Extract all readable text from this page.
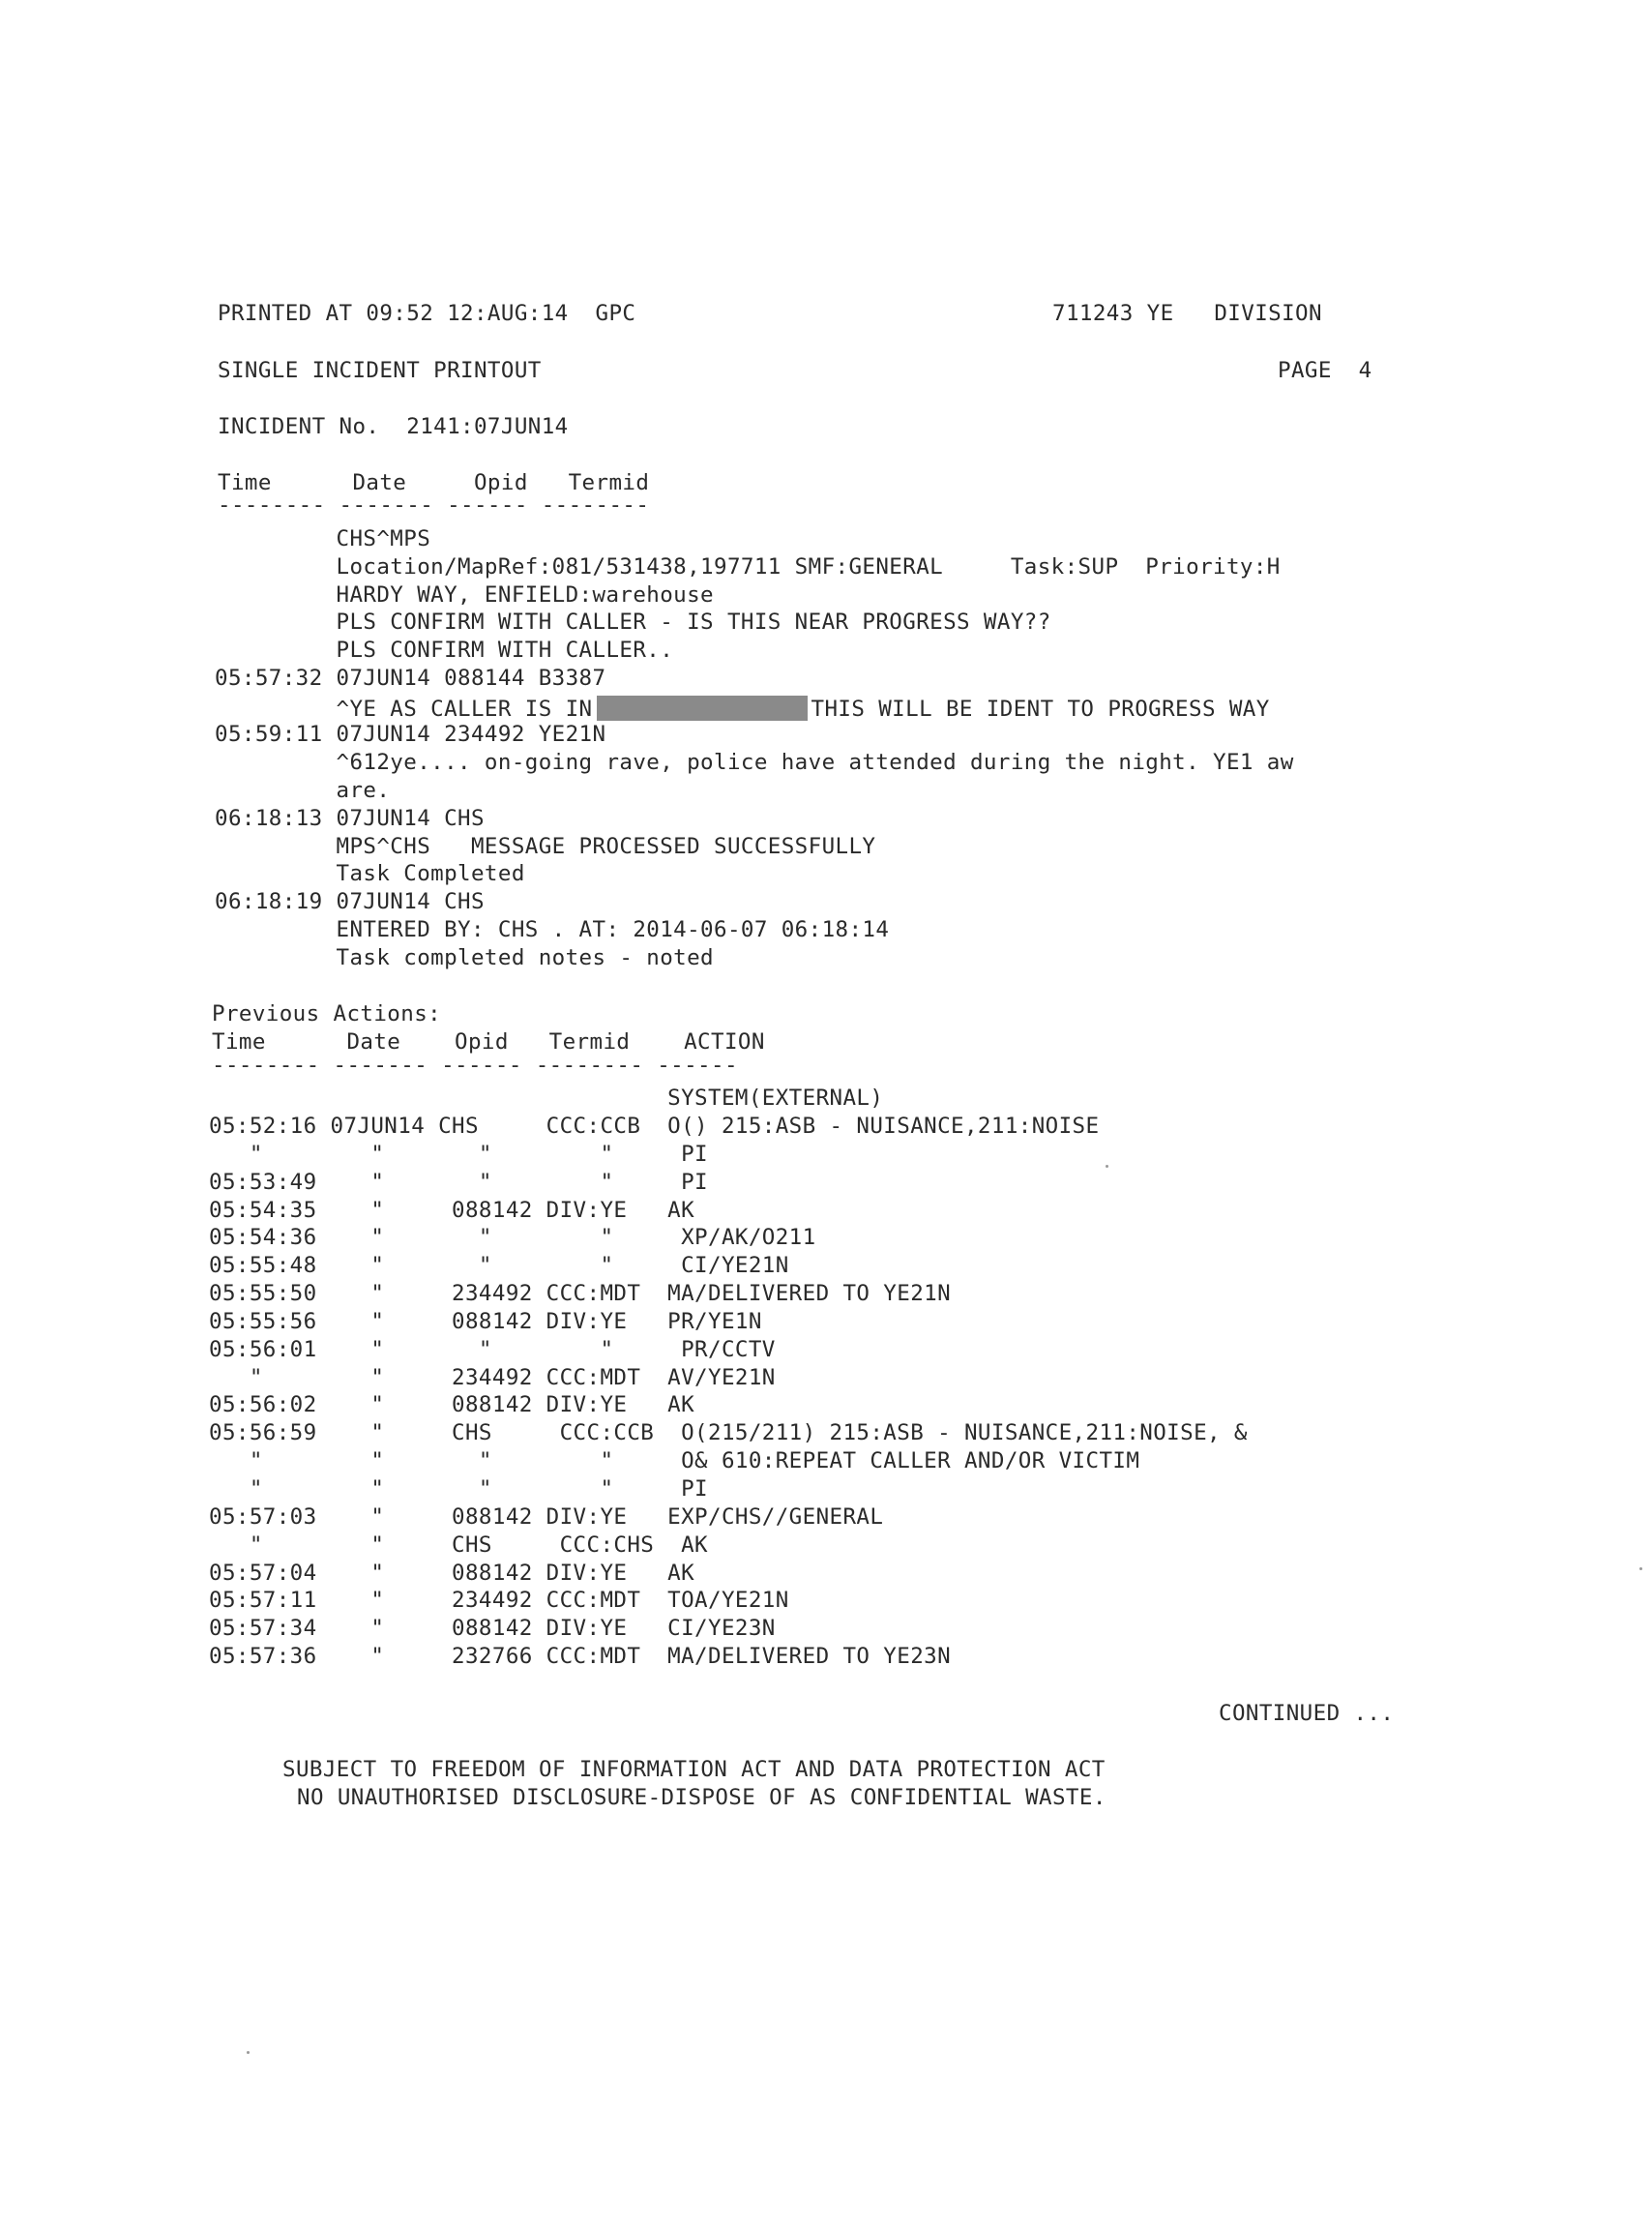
PRINTED AT 09:52 12:AUG:14  GPC	711243 YE   DIVISION
SINGLE INCIDENT PRINTOUT	PAGE  4
INCIDENT No.  2141:07JUN14
Time      Date     Opid   Termid
-------- ------- ------ --------
CHS^MPS
Location/MapRef:081/531438,197711 SMF:GENERAL     Task:SUP  Priority:H
HARDY WAY, ENFIELD:warehouse
PLS CONFIRM WITH CALLER - IS THIS NEAR PROGRESS WAY??
PLS CONFIRM WITH CALLER..
05:57:32 07JUN14 088144 B3387
^YE AS CALLER IS IN	THIS WILL BE IDENT TO PROGRESS WAY
05:59:11 07JUN14 234492 YE21N
^612ye.... on-going rave, police have attended during the night. YE1 aw
are.
06:18:13 07JUN14 CHS
MPS^CHS   MESSAGE PROCESSED SUCCESSFULLY
Task Completed
06:18:19 07JUN14 CHS
ENTERED BY: CHS . AT: 2014-06-07 06:18:14
Task completed notes - noted
Previous Actions:
Time      Date    Opid   Termid    ACTION
-------- ------- ------ -------- ------
SYSTEM(EXTERNAL)
05:52:16 07JUN14 CHS     CCC:CCB  O() 215:ASB - NUISANCE,211:NOISE
"        "       "        "     PI
05:53:49    "       "        "     PI
05:54:35    "     088142 DIV:YE   AK
05:54:36    "       "        "     XP/AK/O211
05:55:48    "       "        "     CI/YE21N
05:55:50    "     234492 CCC:MDT  MA/DELIVERED TO YE21N
05:55:56    "     088142 DIV:YE   PR/YE1N
05:56:01    "       "        "     PR/CCTV
"        "     234492 CCC:MDT  AV/YE21N
05:56:02    "     088142 DIV:YE   AK
05:56:59    "     CHS     CCC:CCB  O(215/211) 215:ASB - NUISANCE,211:NOISE, &
"        "       "        "     O& 610:REPEAT CALLER AND/OR VICTIM
"        "       "        "     PI
05:57:03    "     088142 DIV:YE   EXP/CHS//GENERAL
"        "     CHS     CCC:CHS  AK
05:57:04    "     088142 DIV:YE   AK
05:57:11    "     234492 CCC:MDT  TOA/YE21N
05:57:34    "     088142 DIV:YE   CI/YE23N
05:57:36    "     232766 CCC:MDT  MA/DELIVERED TO YE23N
CONTINUED ...
SUBJECT TO FREEDOM OF INFORMATION ACT AND DATA PROTECTION ACT
NO UNAUTHORISED DISCLOSURE-DISPOSE OF AS CONFIDENTIAL WASTE.
